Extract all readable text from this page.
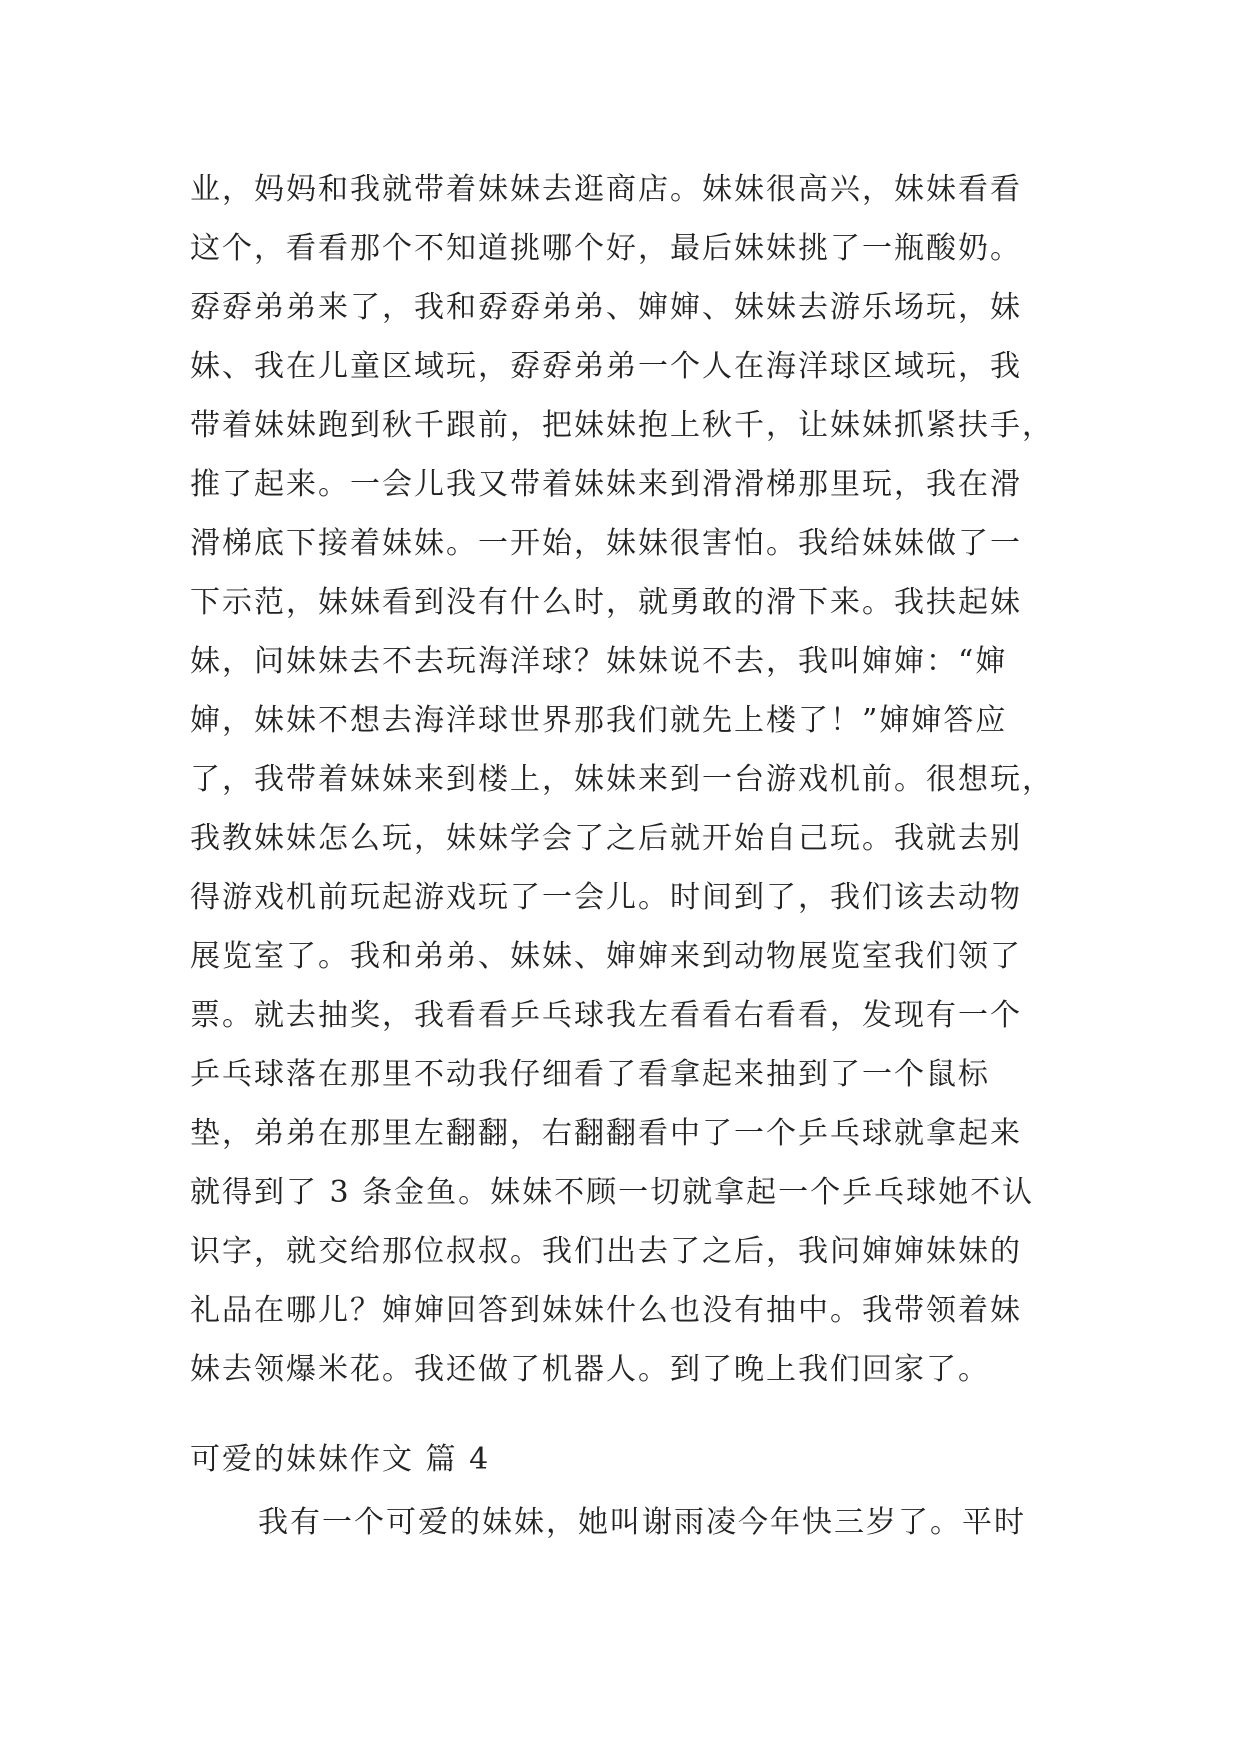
业，妈妈和我就带着妹妹去逛商店。妹妹很高兴，妹妹看看
这个，看看那个不知道挑哪个好，最后妹妹挑了一瓶酸奶。
孬孬弟弟来了，我和孬孬弟弟、婶婶、妹妹去游乐场玩，妹
妹、我在儿童区域玩，孬孬弟弟一个人在海洋球区域玩，我
带着妹妹跑到秋千跟前，把妹妹抱上秋千，让妹妹抓紧扶手，
推了起来。一会儿我又带着妹妹来到滑滑梯那里玩，我在滑
滑梯底下接着妹妹。一开始，妹妹很害怕。我给妹妹做了一
下示范，妹妹看到没有什么时，就勇敢的滑下来。我扶起妹
妹，问妹妹去不去玩海洋球？妹妹说不去，我叫婶婶：“婶
婶，妹妹不想去海洋球世界那我们就先上楼了！”婶婶答应
了，我带着妹妹来到楼上，妹妹来到一台游戏机前。很想玩，
我教妹妹怎么玩，妹妹学会了之后就开始自己玩。我就去别
得游戏机前玩起游戏玩了一会儿。时间到了，我们该去动物
展览室了。我和弟弟、妹妹、婶婶来到动物展览室我们领了
票。就去抽奖，我看看乒乓球我左看看右看看，发现有一个
乒乓球落在那里不动我仔细看了看拿起来抽到了一个鼠标
垫，弟弟在那里左翻翻，右翻翻看中了一个乒乓球就拿起来
就得到了 3 条金鱼。妹妹不顾一切就拿起一个乒乓球她不认
识字，就交给那位叔叔。我们出去了之后，我问婶婶妹妹的
礼品在哪儿？婶婶回答到妹妹什么也没有抽中。我带领着妹
妹去领爆米花。我还做了机器人。到了晚上我们回家了。
可爱的妹妹作文 篇 4
我有一个可爱的妹妹，她叫谢雨凌今年快三岁了。平时
